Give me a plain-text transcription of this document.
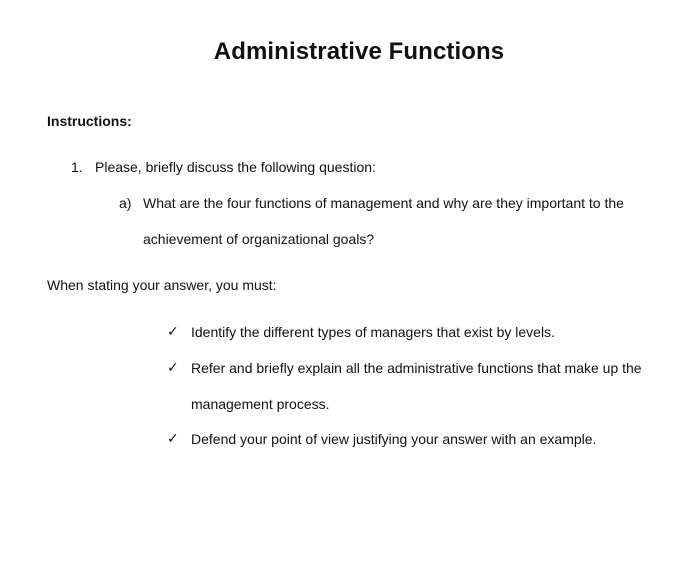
Administrative Functions
Instructions:
1. Please, briefly discuss the following question:
a) What are the four functions of management and why are they important to the
achievement of organizational goals?
When stating your answer, you must:
✓ Identify the different types of managers that exist by levels.
✓ Refer and briefly explain all the administrative functions that make up the
management process.
✓ Defend your point of view justifying your answer with an example.
